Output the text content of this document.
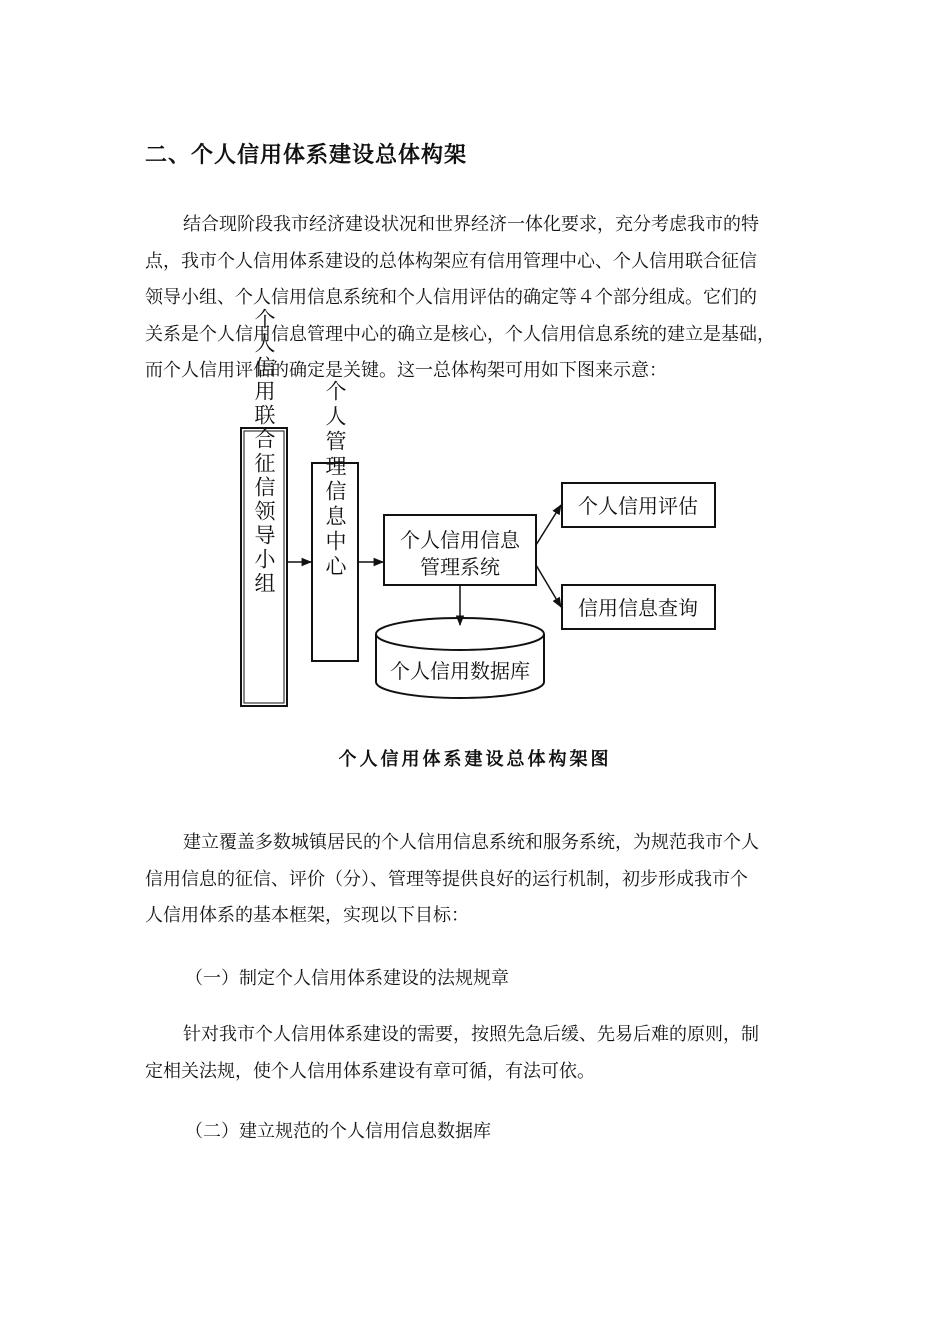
二、个人信用体系建设总体构架
结合现阶段我市经济建设状况和世界经济一体化要求，充分考虑我市的特
点，我市个人信用体系建设的总体构架应有信用管理中心、个人信用联合征信
领导小组、个人信用信息系统和个人信用评估的确定等４个部分组成。它们的
关系是个人信用信息管理中心的确立是核心，个人信用信息系统的建立是基础，
而个人信用评估的确定是关键。这一总体构架可用如下图来示意：
个人信用联合征信领导小组 个人管理信息中心	个人信用信息
管理系统
个人信用评估
信用信息查询
个人信用数据库
个人信用体系建设总体构架图
建立覆盖多数城镇居民的个人信用信息系统和服务系统，为规范我市个人
信用信息的征信、评价（分）、管理等提供良好的运行机制，初步形成我市个
人信用体系的基本框架，实现以下目标：
（一）制定个人信用体系建设的法规规章
针对我市个人信用体系建设的需要，按照先急后缓、先易后难的原则，制
定相关法规，使个人信用体系建设有章可循，有法可依。
（二）建立规范的个人信用信息数据库
